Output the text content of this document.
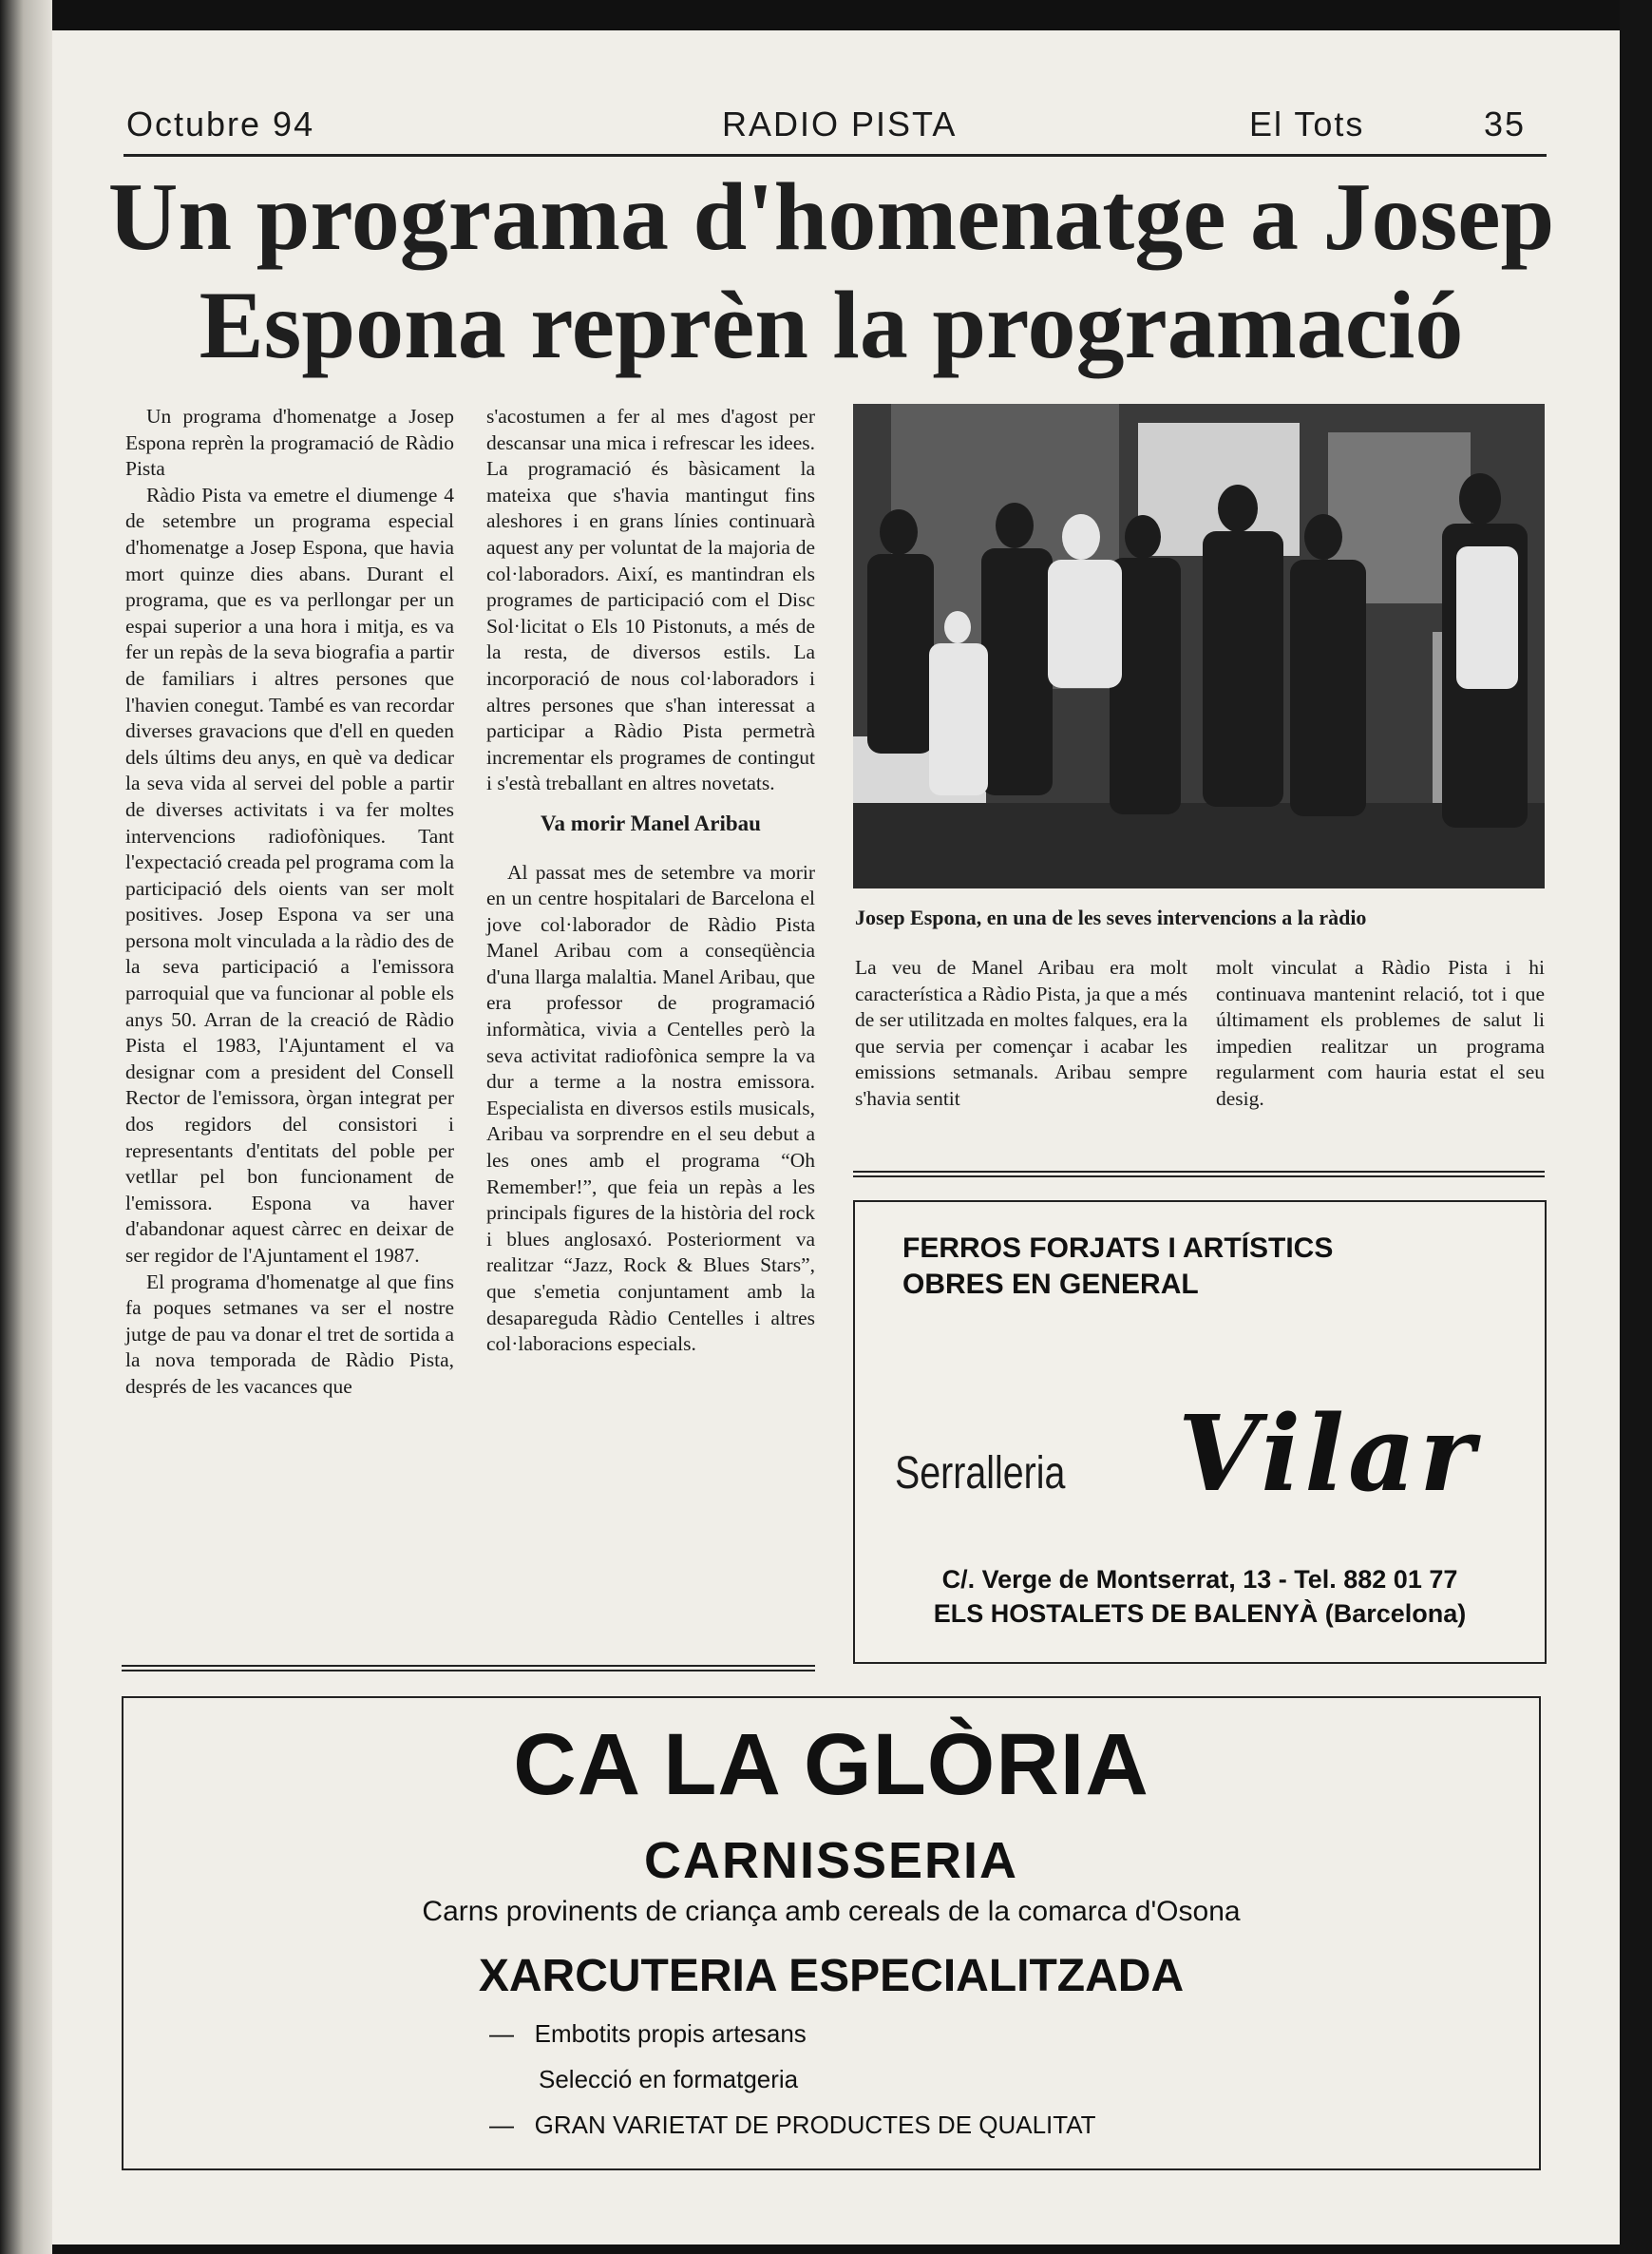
Octubre 94	RADIO PISTA	El Tots	35
Un programa d'homenatge a Josep
Espona reprèn la programació

Un programa d'homenatge a Josep Espona reprèn la programació de Ràdio Pista

Ràdio Pista va emetre el diumenge 4 de setembre un programa especial d'homenatge a Josep Espona, que havia mort quinze dies abans. Durant el programa, que es va perllongar per un espai superior a una hora i mitja, es va fer un repàs de la seva biografia a partir de familiars i altres persones que l'havien conegut. També es van recordar diverses gravacions que d'ell en queden dels últims deu anys, en què va dedicar la seva vida al servei del poble a partir de diverses activitats i va fer moltes intervencions radiofòniques. Tant l'expectació creada pel programa com la participació dels oients van ser molt positives. Josep Espona va ser una persona molt vinculada a la ràdio des de la seva participació a l'emissora parroquial que va funcionar al poble els anys 50. Arran de la creació de Ràdio Pista el 1983, l'Ajuntament el va designar com a president del Consell Rector de l'emissora, òrgan integrat per dos regidors del consistori i representants d'entitats del poble per vetllar pel bon funcionament de l'emissora. Espona va haver d'abandonar aquest càrrec en deixar de ser regidor de l'Ajuntament el 1987.

El programa d'homenatge al que fins fa poques setmanes va ser el nostre jutge de pau va donar el tret de sortida a la nova temporada de Ràdio Pista, després de les vacances que

s'acostumen a fer al mes d'agost per descansar una mica i refrescar les idees. La programació és bàsicament la mateixa que s'havia mantingut fins aleshores i en grans línies continuarà aquest any per voluntat de la majoria de col·laboradors. Així, es mantindran els programes de participació com el Disc Sol·licitat o Els 10 Pistonuts, a més de la resta, de diversos estils. La incorporació de nous col·laboradors i altres persones que s'han interessat a participar a Ràdio Pista permetrà incrementar els programes de contingut i s'està treballant en altres novetats.

Va morir Manel Aribau

Al passat mes de setembre va morir en un centre hospitalari de Barcelona el jove col·laborador de Ràdio Pista Manel Aribau com a conseqüència d'una llarga malaltia. Manel Aribau, que era professor de programació informàtica, vivia a Centelles però la seva activitat radiofònica sempre la va dur a terme a la nostra emissora. Especialista en diversos estils musicals, Aribau va sorprendre en el seu debut a les ones amb el programa “Oh Remember!”, que feia un repàs a les principals figures de la història del rock i blues anglosaxó. Posteriorment va realitzar “Jazz, Rock & Blues Stars”, que s'emetia conjuntament amb la desapareguda Ràdio Centelles i altres col·laboracions especials.

Josep Espona, en una de les seves intervencions a la ràdio

La veu de Manel Aribau era molt característica a Ràdio Pista, ja que a més de ser utilitzada en moltes falques, era la que servia per començar i acabar les emissions setmanals. Aribau sempre s'havia sentit

molt vinculat a Ràdio Pista i hi continuava mantenint relació, tot i que últimament els problemes de salut li impedien realitzar un programa regularment com hauria estat el seu desig.

FERROS FORJATS I ARTÍSTICS
OBRES EN GENERAL
Serralleria Vilar
C/. Verge de Montserrat, 13 - Tel. 882 01 77
ELS HOSTALETS DE BALENYÀ (Barcelona)
CA LA GLÒRIA
CARNISSERIA
Carns provinents de criança amb cereals de la comarca d'Osona
XARCUTERIA ESPECIALITZADA
—   Embotits propis artesans
Selecció en formatgeria
—   GRAN VARIETAT DE PRODUCTES DE QUALITAT
